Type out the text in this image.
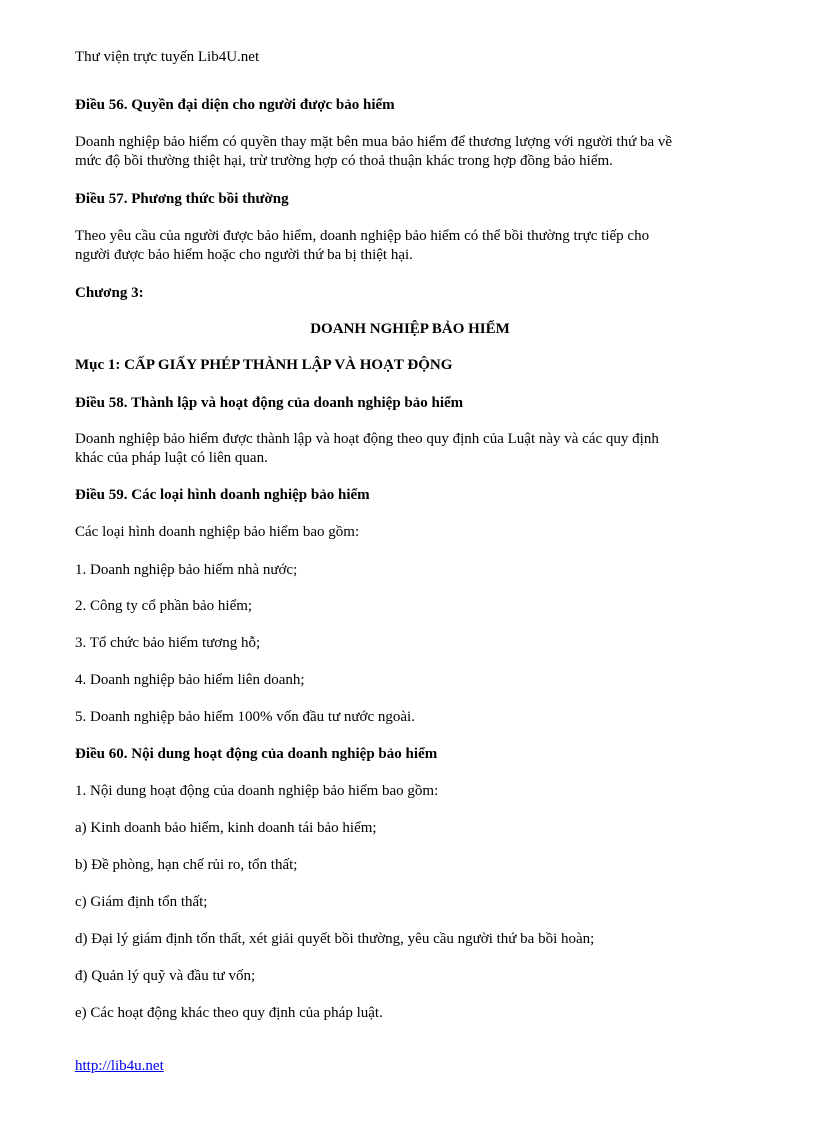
Thư viện trực tuyến Lib4U.net

Điều 56. Quyền đại diện cho người được bảo hiểm

Doanh nghiệp bảo hiểm có quyền thay mặt bên mua bảo hiểm để thương lượng với người thứ ba về

mức độ bồi thường thiệt hại, trừ trường hợp có thoả thuận khác trong hợp đồng bảo hiểm.

Điều 57. Phương thức bồi thường

Theo yêu cầu của người được bảo hiểm, doanh nghiệp bảo hiểm có thể bồi thường trực tiếp cho

người được bảo hiểm hoặc cho người thứ ba bị thiệt hại.

Chương 3:

DOANH NGHIỆP BẢO HIỂM

Mục 1: CẤP GIẤY PHÉP THÀNH LẬP VÀ HOẠT ĐỘNG

Điều 58. Thành lập và hoạt động của doanh nghiệp bảo hiểm

Doanh nghiệp bảo hiểm được thành lập và hoạt động theo quy định của Luật này và các quy định

khác của pháp luật có liên quan.

Điều 59. Các loại hình doanh nghiệp bảo hiểm

Các loại hình doanh nghiệp bảo hiểm bao gồm:

1. Doanh nghiệp bảo hiểm nhà nước;

2. Công ty cổ phần bảo hiểm;

3. Tổ chức bảo hiểm tương hỗ;

4. Doanh nghiệp bảo hiểm liên doanh;

5. Doanh nghiệp bảo hiểm 100% vốn đầu tư nước ngoài.

Điều 60. Nội dung hoạt động của doanh nghiệp bảo hiểm

1. Nội dung hoạt động của doanh nghiệp bảo hiểm bao gồm:

a) Kinh doanh bảo hiểm, kinh doanh tái bảo hiểm;

b) Đề phòng, hạn chế rủi ro, tổn thất;

c) Giám định tổn thất;

d) Đại lý giám định tổn thất, xét giải quyết bồi thường, yêu cầu người thứ ba bồi hoàn;

đ) Quản lý quỹ và đầu tư vốn;

e) Các hoạt động khác theo quy định của pháp luật.

http://lib4u.net
